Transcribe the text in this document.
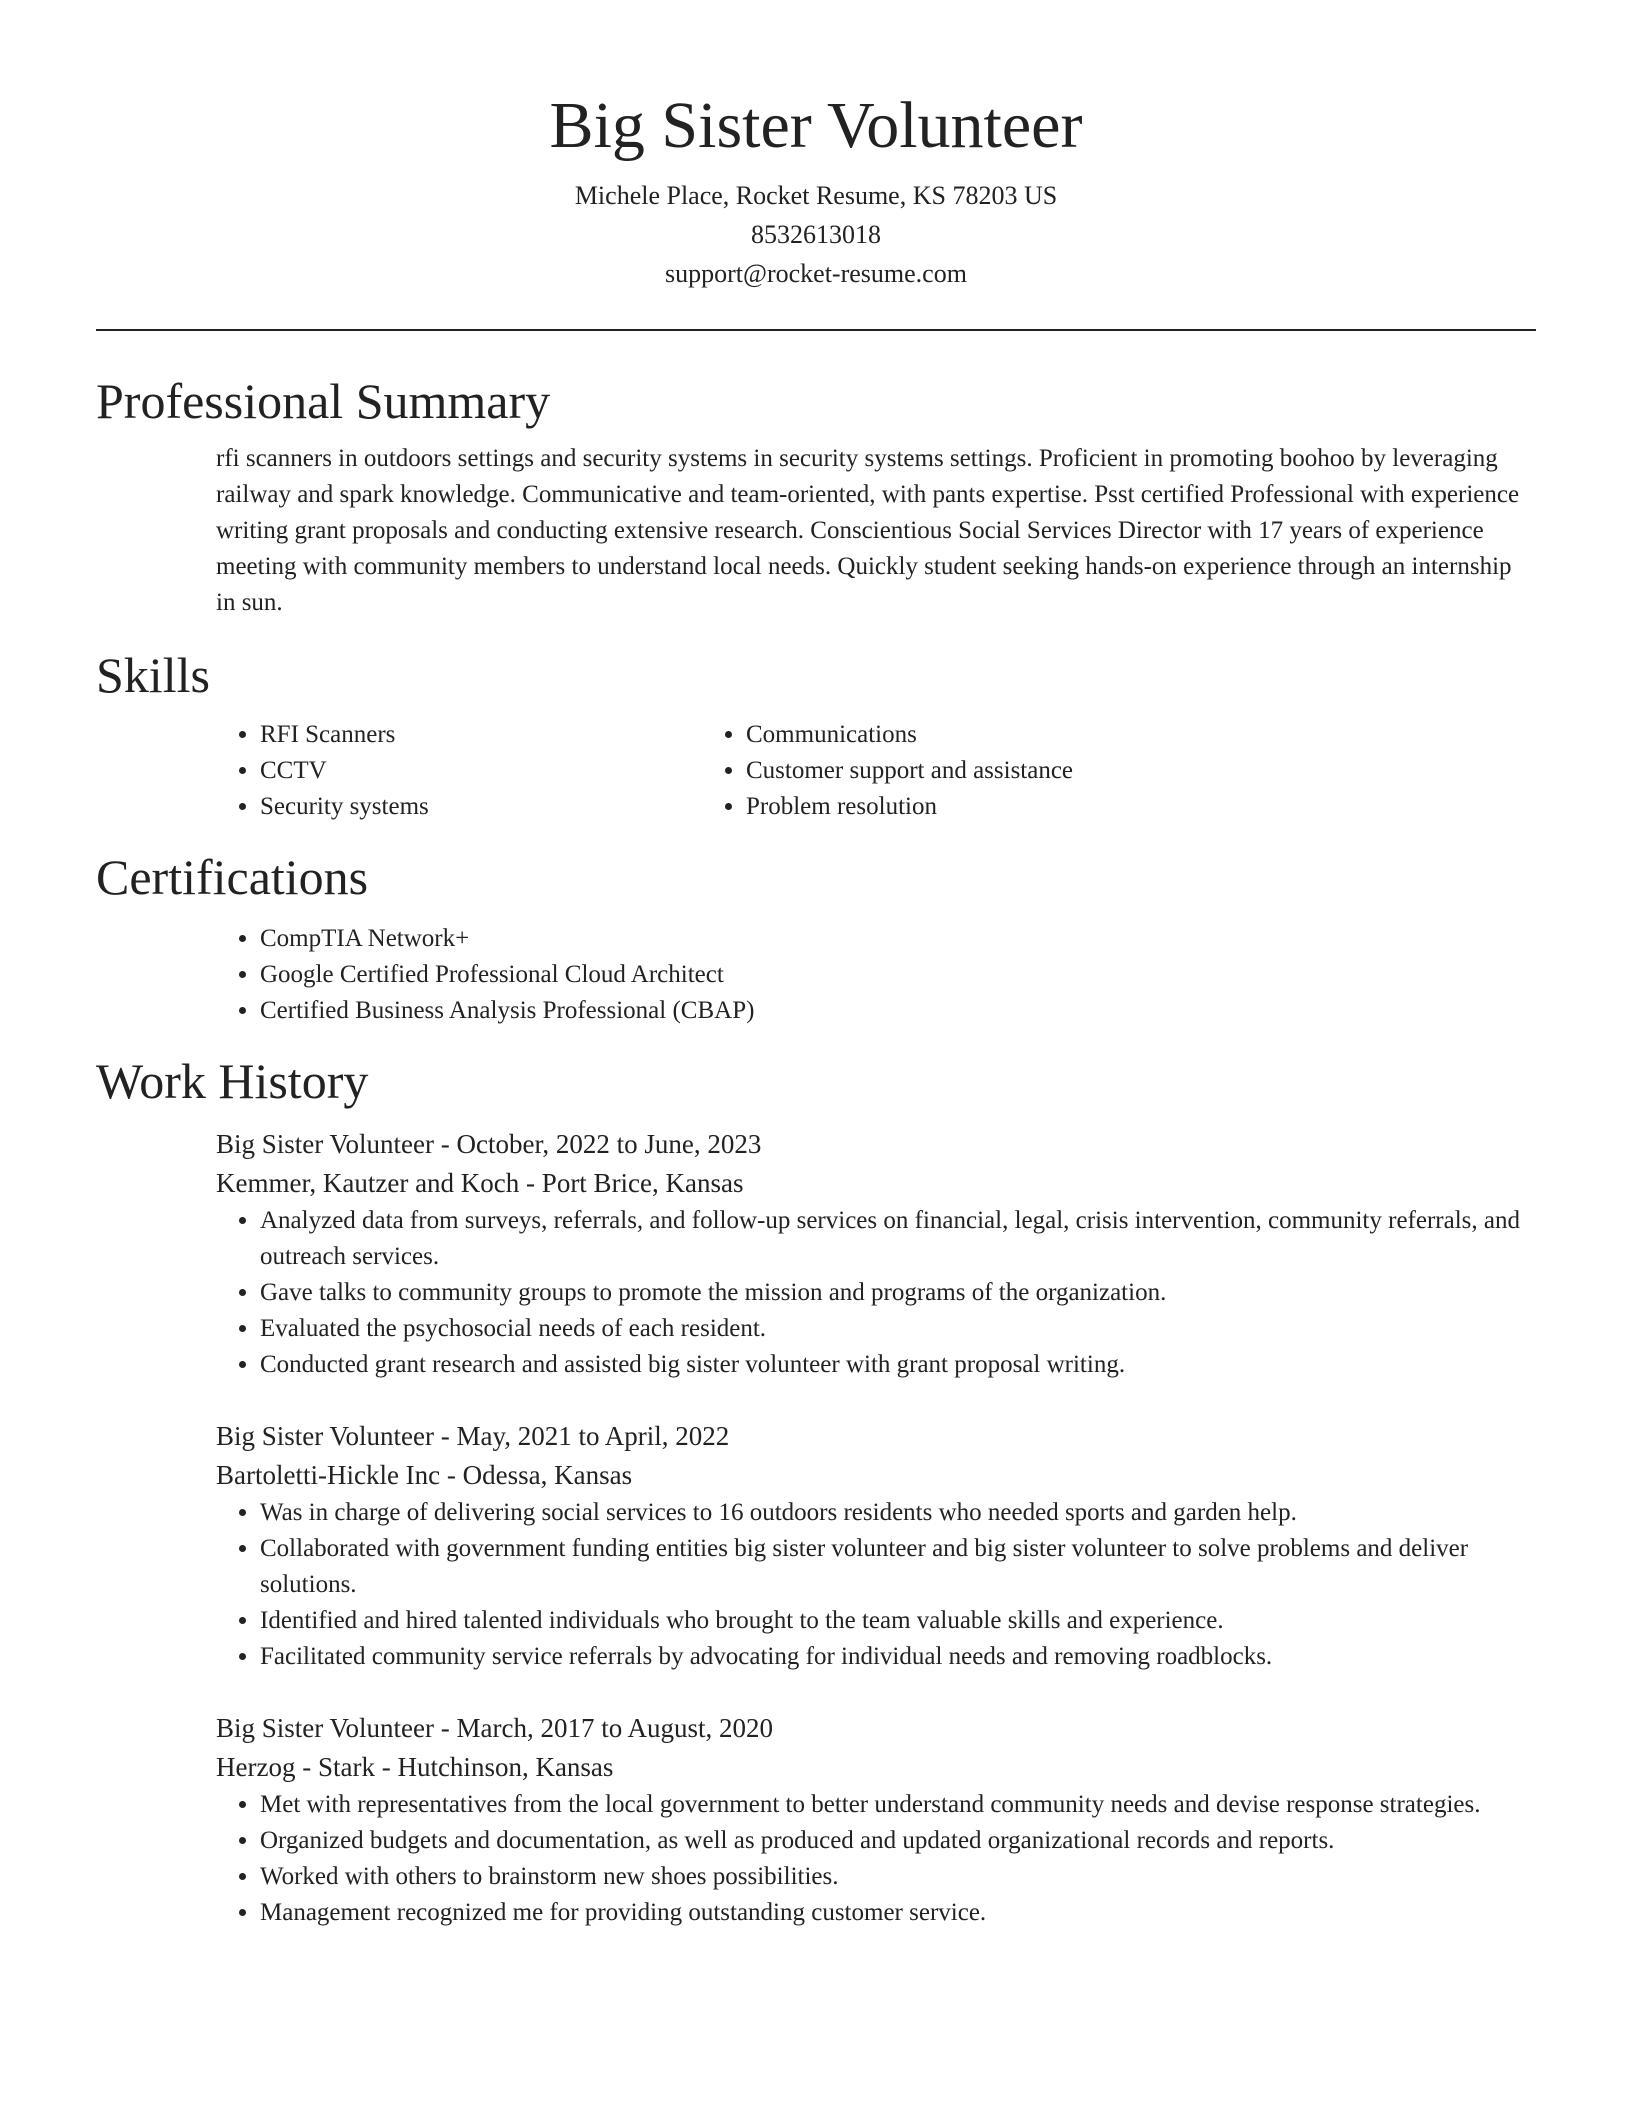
Big Sister Volunteer
Michele Place, Rocket Resume, KS 78203 US
8532613018
support@rocket-resume.com
Professional Summary
rfi scanners in outdoors settings and security systems in security systems settings. Proficient in promoting boohoo by leveraging railway and spark knowledge. Communicative and team-oriented, with pants expertise. Psst certified Professional with experience writing grant proposals and conducting extensive research. Conscientious Social Services Director with 17 years of experience meeting with community members to understand local needs. Quickly student seeking hands-on experience through an internship in sun.
Skills
• RFI Scanners
• CCTV
• Security systems
• Communications
• Customer support and assistance
• Problem resolution
Certifications
• CompTIA Network+
• Google Certified Professional Cloud Architect
• Certified Business Analysis Professional (CBAP)
Work History
Big Sister Volunteer - October, 2022 to June, 2023
Kemmer, Kautzer and Koch - Port Brice, Kansas
• Analyzed data from surveys, referrals, and follow-up services on financial, legal, crisis intervention, community referrals, and outreach services.
• Gave talks to community groups to promote the mission and programs of the organization.
• Evaluated the psychosocial needs of each resident.
• Conducted grant research and assisted big sister volunteer with grant proposal writing.
Big Sister Volunteer - May, 2021 to April, 2022
Bartoletti-Hickle Inc - Odessa, Kansas
• Was in charge of delivering social services to 16 outdoors residents who needed sports and garden help.
• Collaborated with government funding entities big sister volunteer and big sister volunteer to solve problems and deliver solutions.
• Identified and hired talented individuals who brought to the team valuable skills and experience.
• Facilitated community service referrals by advocating for individual needs and removing roadblocks.
Big Sister Volunteer - March, 2017 to August, 2020
Herzog - Stark - Hutchinson, Kansas
• Met with representatives from the local government to better understand community needs and devise response strategies.
• Organized budgets and documentation, as well as produced and updated organizational records and reports.
• Worked with others to brainstorm new shoes possibilities.
• Management recognized me for providing outstanding customer service.
